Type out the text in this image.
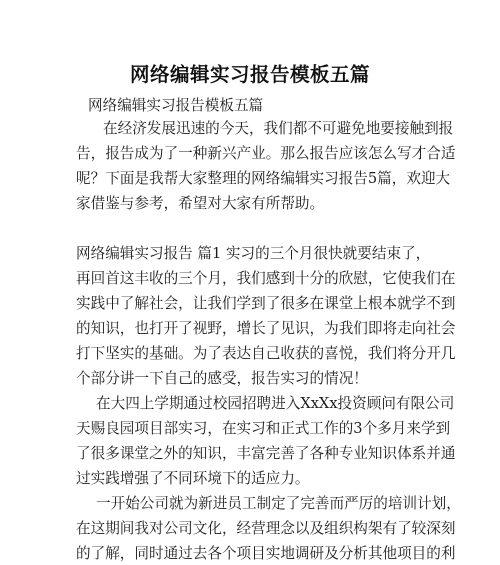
网络编辑实习报告模板五篇
网络编辑实习报告模板五篇
在经济发展迅速的今天，我们都不可避免地要接触到报
告，报告成为了一种新兴产业。那么报告应该怎么写才合适
呢？下面是我帮大家整理的网络编辑实习报告5篇，欢迎大
家借鉴与参考，希望对大家有所帮助。
网络编辑实习报告 篇1 实习的三个月很快就要结束了，
再回首这丰收的三个月，我们感到十分的欣慰，它使我们在
实践中了解社会，让我们学到了很多在课堂上根本就学不到
的知识，也打开了视野，增长了见识，为我们即将走向社会
打下坚实的基础。为了表达自己收获的喜悦，我们将分开几
个部分讲一下自己的感受，报告实习的情况！
在大四上学期通过校园招聘进入XxXx投资顾问有限公司
天赐良园项目部实习，在实习和正式工作的3个多月来学到
了很多课堂之外的知识，丰富完善了各种专业知识体系并通
过实践增强了不同环境下的适应力。
一开始公司就为新进员工制定了完善而严厉的培训计划，
在这期间我对公司文化，经营理念以及组织构架有了较深刻
的了解，同时通过去各个项目实地调研及分析其他项目的利
